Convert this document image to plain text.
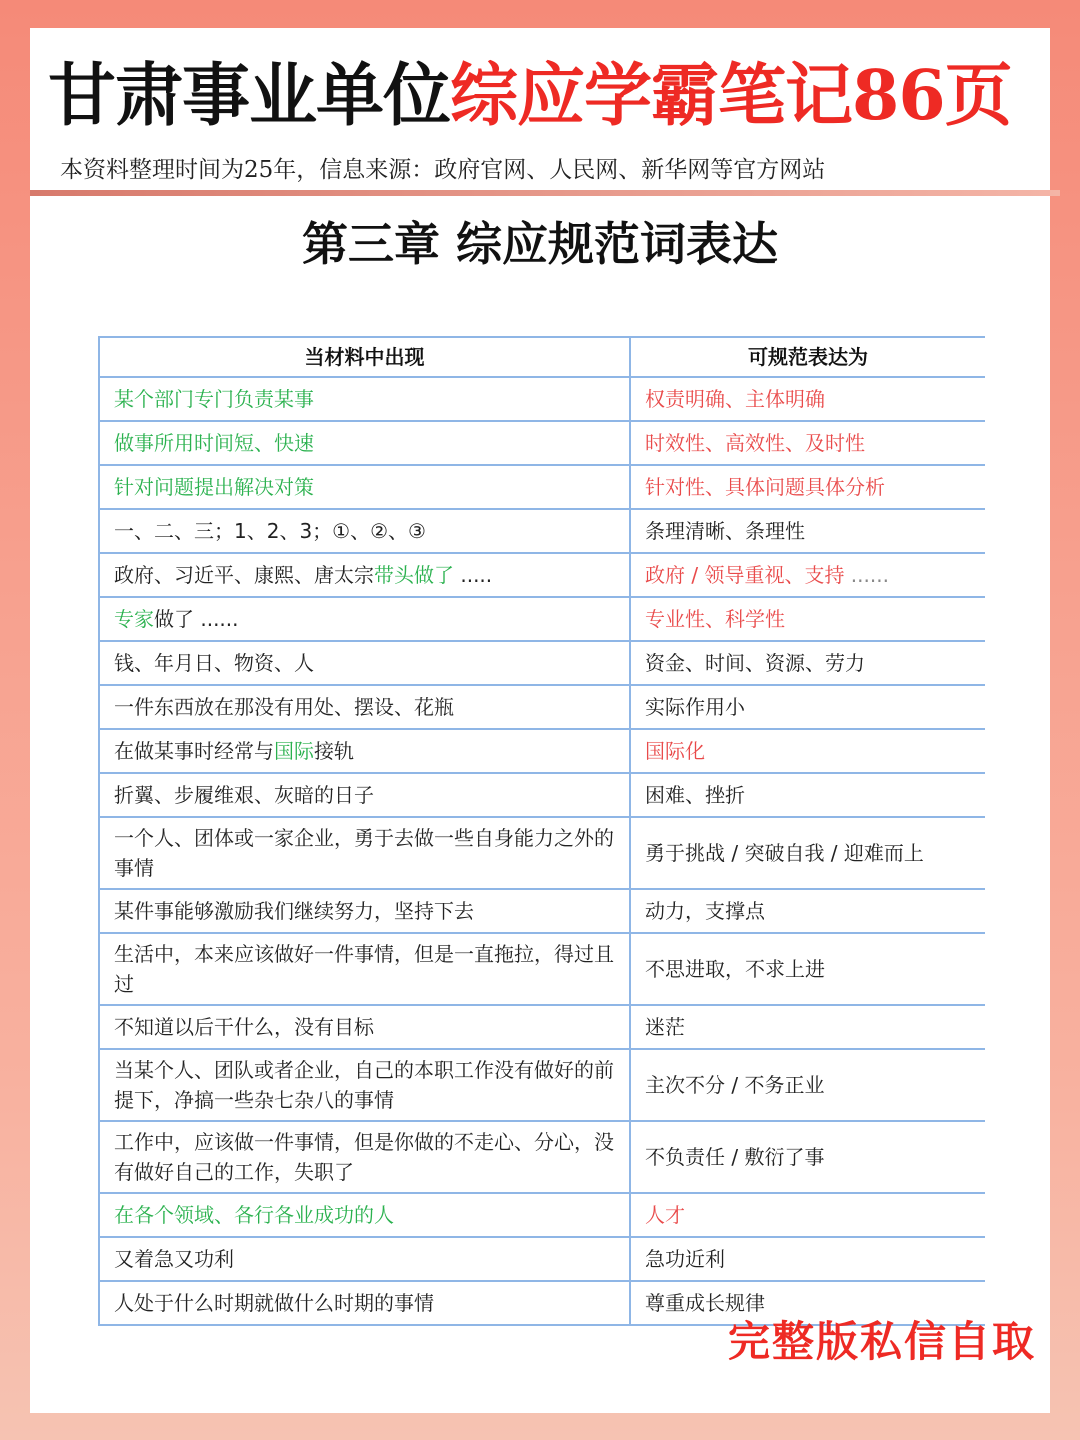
甘肃事业单位综应学霸笔记86页
本资料整理时间为25年，信息来源：政府官网、人民网、新华网等官方网站
第三章 综应规范词表达
当材料中出现	可规范表达为
某个部门专门负责某事	权责明确、主体明确
做事所用时间短、快速	时效性、高效性、及时性
针对问题提出解决对策	针对性、具体问题具体分析
一、二、三；1、2、3；①、②、③	条理清晰、条理性
政府、习近平、康熙、唐太宗带头做了 .....	政府 / 领导重视、支持 ......
专家做了 ......	专业性、科学性
钱、年月日、物资、人	资金、时间、资源、劳力
一件东西放在那没有用处、摆设、花瓶	实际作用小
在做某事时经常与国际接轨	国际化
折翼、步履维艰、灰暗的日子	困难、挫折
一个人、团体或一家企业，勇于去做一些自身能力之外的事情	勇于挑战 / 突破自我 / 迎难而上
某件事能够激励我们继续努力，坚持下去	动力，支撑点
生活中，本来应该做好一件事情，但是一直拖拉，得过且过	不思进取，不求上进
不知道以后干什么，没有目标	迷茫
当某个人、团队或者企业，自己的本职工作没有做好的前提下，净搞一些杂七杂八的事情	主次不分 / 不务正业
工作中，应该做一件事情，但是你做的不走心、分心，没有做好自己的工作，失职了	不负责任 / 敷衍了事
在各个领域、各行各业成功的人	人才
又着急又功利	急功近利
人处于什么时期就做什么时期的事情	尊重成长规律
完整版私信自取
